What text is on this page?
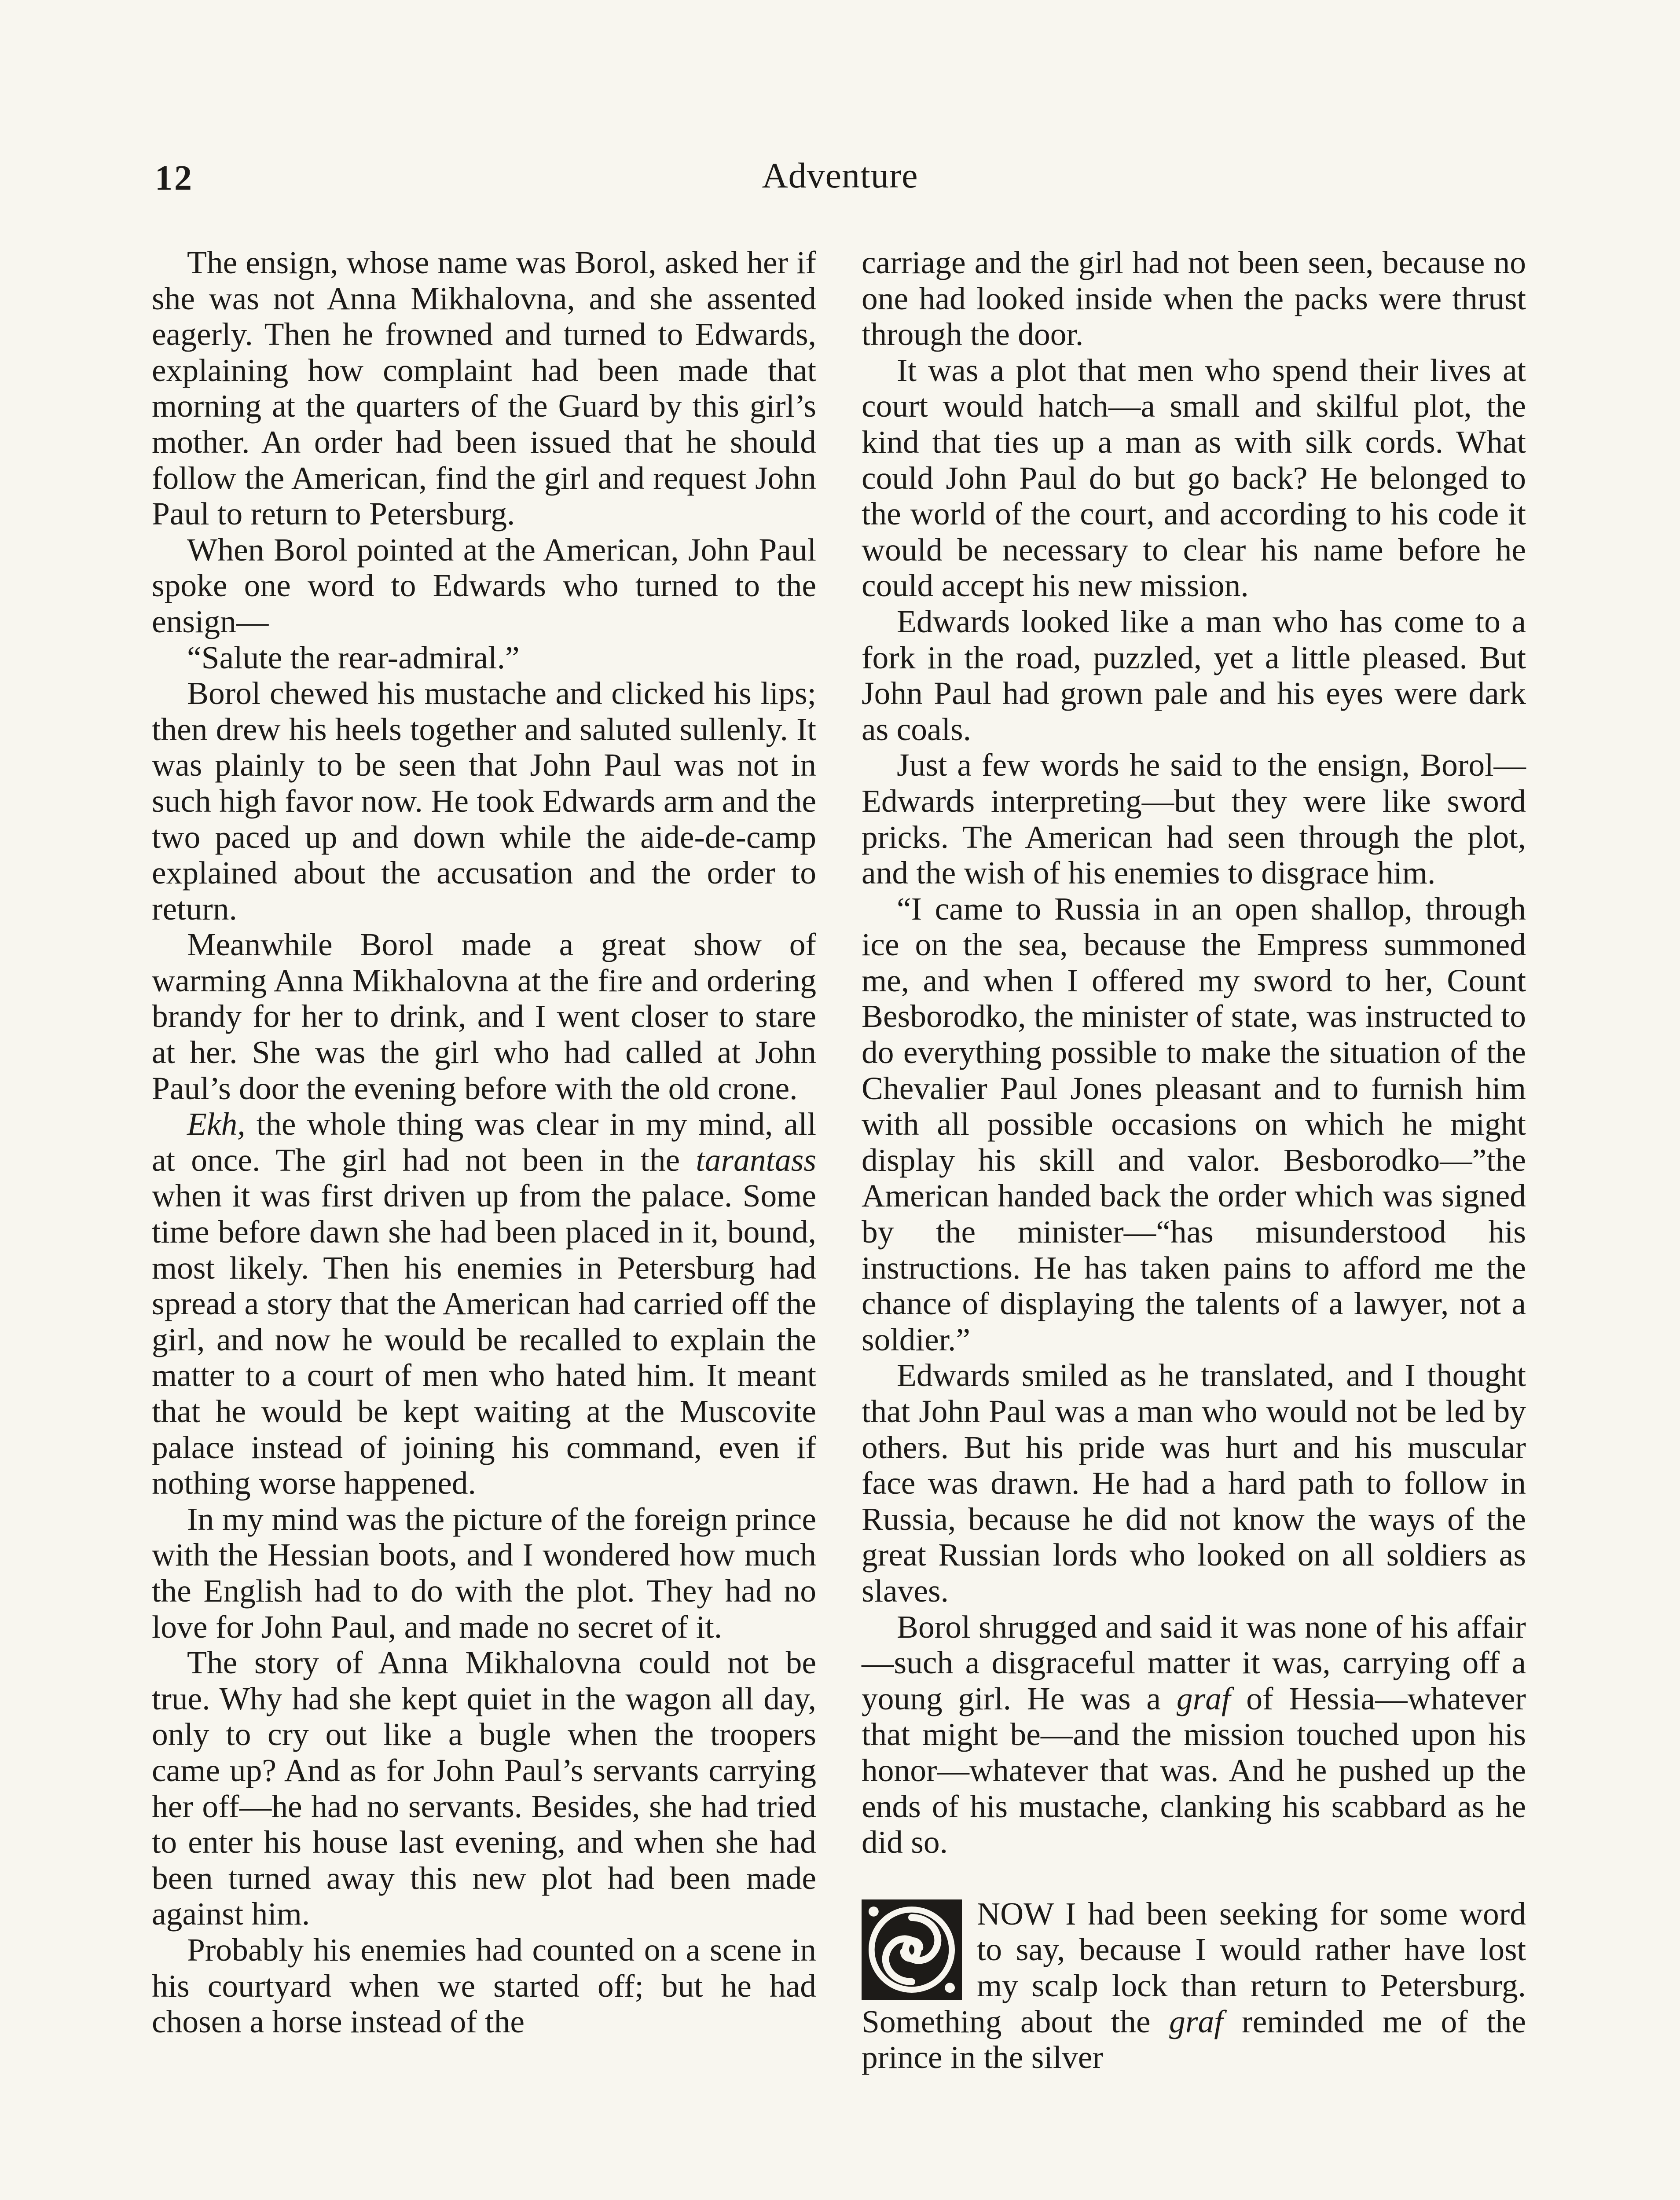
12	Adventure

The ensign, whose name was Borol, asked her if she was not Anna Mikhalovna, and she assented eagerly. Then he frowned and turned to Edwards, explaining how complaint had been made that morning at the quarters of the Guard by this girl’s mother. An order had been issued that he should follow the American, find the girl and request John Paul to return to Petersburg.

When Borol pointed at the American, John Paul spoke one word to Edwards who turned to the ensign—

“Salute the rear-admiral.”

Borol chewed his mustache and clicked his lips; then drew his heels together and saluted sullenly. It was plainly to be seen that John Paul was not in such high favor now. He took Edwards arm and the two paced up and down while the aide-de-camp explained about the accusation and the order to return.

Meanwhile Borol made a great show of warming Anna Mikhalovna at the fire and ordering brandy for her to drink, and I went closer to stare at her. She was the girl who had called at John Paul’s door the evening before with the old crone.

Ekh, the whole thing was clear in my mind, all at once. The girl had not been in the tarantass when it was first driven up from the palace. Some time before dawn she had been placed in it, bound, most likely. Then his enemies in Petersburg had spread a story that the American had carried off the girl, and now he would be recalled to explain the matter to a court of men who hated him. It meant that he would be kept waiting at the Muscovite palace instead of joining his command, even if nothing worse happened.

In my mind was the picture of the foreign prince with the Hessian boots, and I wondered how much the English had to do with the plot. They had no love for John Paul, and made no secret of it.

The story of Anna Mikhalovna could not be true. Why had she kept quiet in the wagon all day, only to cry out like a bugle when the troopers came up? And as for John Paul’s servants carrying her off—he had no servants. Besides, she had tried to enter his house last evening, and when she had been turned away this new plot had been made against him.

Probably his enemies had counted on a scene in his courtyard when we started off; but he had chosen a horse instead of the

carriage and the girl had not been seen, because no one had looked inside when the packs were thrust through the door.

It was a plot that men who spend their lives at court would hatch—a small and skilful plot, the kind that ties up a man as with silk cords. What could John Paul do but go back? He belonged to the world of the court, and according to his code it would be necessary to clear his name before he could accept his new mission.

Edwards looked like a man who has come to a fork in the road, puzzled, yet a little pleased. But John Paul had grown pale and his eyes were dark as coals.

Just a few words he said to the ensign, Borol—Edwards interpreting—but they were like sword pricks. The American had seen through the plot, and the wish of his enemies to disgrace him.

“I came to Russia in an open shallop, through ice on the sea, because the Empress summoned me, and when I offered my sword to her, Count Besborodko, the minister of state, was instructed to do everything possible to make the situation of the Chevalier Paul Jones pleasant and to furnish him with all possible occasions on which he might display his skill and valor. Besborodko—”the American handed back the order which was signed by the minister—“has misunderstood his instructions. He has taken pains to afford me the chance of displaying the talents of a lawyer, not a soldier.”

Edwards smiled as he translated, and I thought that John Paul was a man who would not be led by others. But his pride was hurt and his muscular face was drawn. He had a hard path to follow in Russia, because he did not know the ways of the great Russian lords who looked on all soldiers as slaves.

Borol shrugged and said it was none of his affair—such a disgraceful matter it was, carrying off a young girl. He was a graf of Hessia—whatever that might be—and the mission touched upon his honor—whatever that was. And he pushed up the ends of his mustache, clanking his scabbard as he did so.

NOW I had been seeking for some word to say, because I would rather have lost my scalp lock than return to Petersburg. Something about the graf reminded me of the prince in the silver
